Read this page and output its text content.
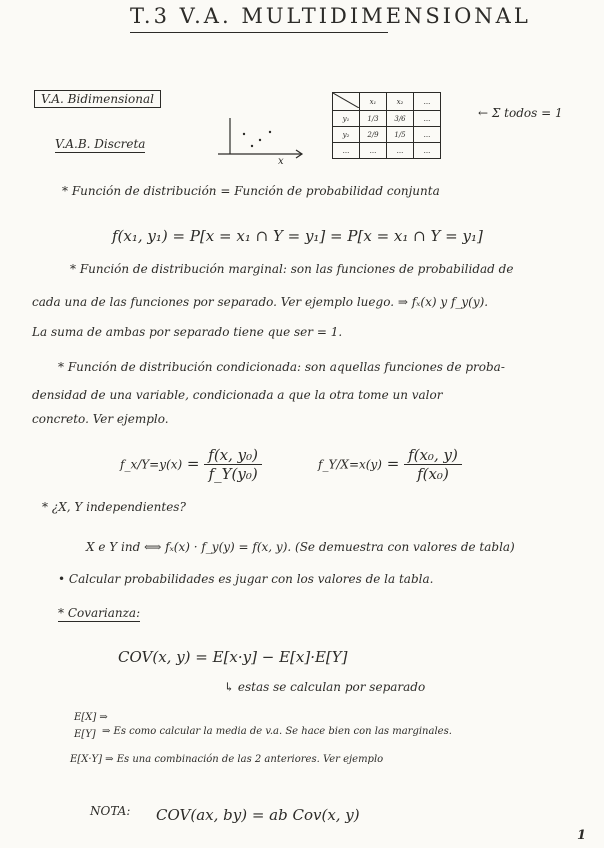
T.3 V.A. MULTIDIMENSIONAL
V.A. Bidimensional
V.A.B. Discreta
x
	x₁	x₂	...
y₁	1/3	3/6	...
y₂	2/9	1/5	...
...	...	...	...
← Σ todos = 1
* Función de distribución = Función de probabilidad conjunta
f(x₁, y₁) = P[x = x₁ ∩ Y = y₁] = P[x = x₁ ∩ Y = y₁]
* Función de distribución marginal: son las funciones de probabilidad de
cada una de las funciones por separado. Ver ejemplo luego. ⇒ fₓ(x) y f_y(y).
La suma de ambas por separado tiene que ser = 1.
* Función de distribución condicionada: son aquellas funciones de proba-
densidad de una variable, condicionada a que la otra tome un valor
concreto. Ver ejemplo.
f_x/Y=y(x) = $\frac{\text{f(x, y₀)}}{\text{f\_Y(y₀)}}$	f_Y/X=x(y) = $\frac{\text{f(x₀, y)}}{\text{f(x₀)}}$
* ¿X, Y independientes?
X e Y ind ⟺ fₓ(x) · f_y(y) = f(x, y). (Se demuestra con valores de tabla)
• Calcular probabilidades es jugar con los valores de la tabla.
* Covarianza:
COV(x, y) = E[x·y] − E[x]·E[Y]
↳ estas se calculan por separado
E[X] ⇒
E[Y] ⇒ Es como calcular la media de v.a. Se hace bien con las marginales.
E[X·Y] ⇒ Es una combinación de las 2 anteriores. Ver ejemplo
NOTA: COV(ax, by) = ab Cov(x, y)
1
